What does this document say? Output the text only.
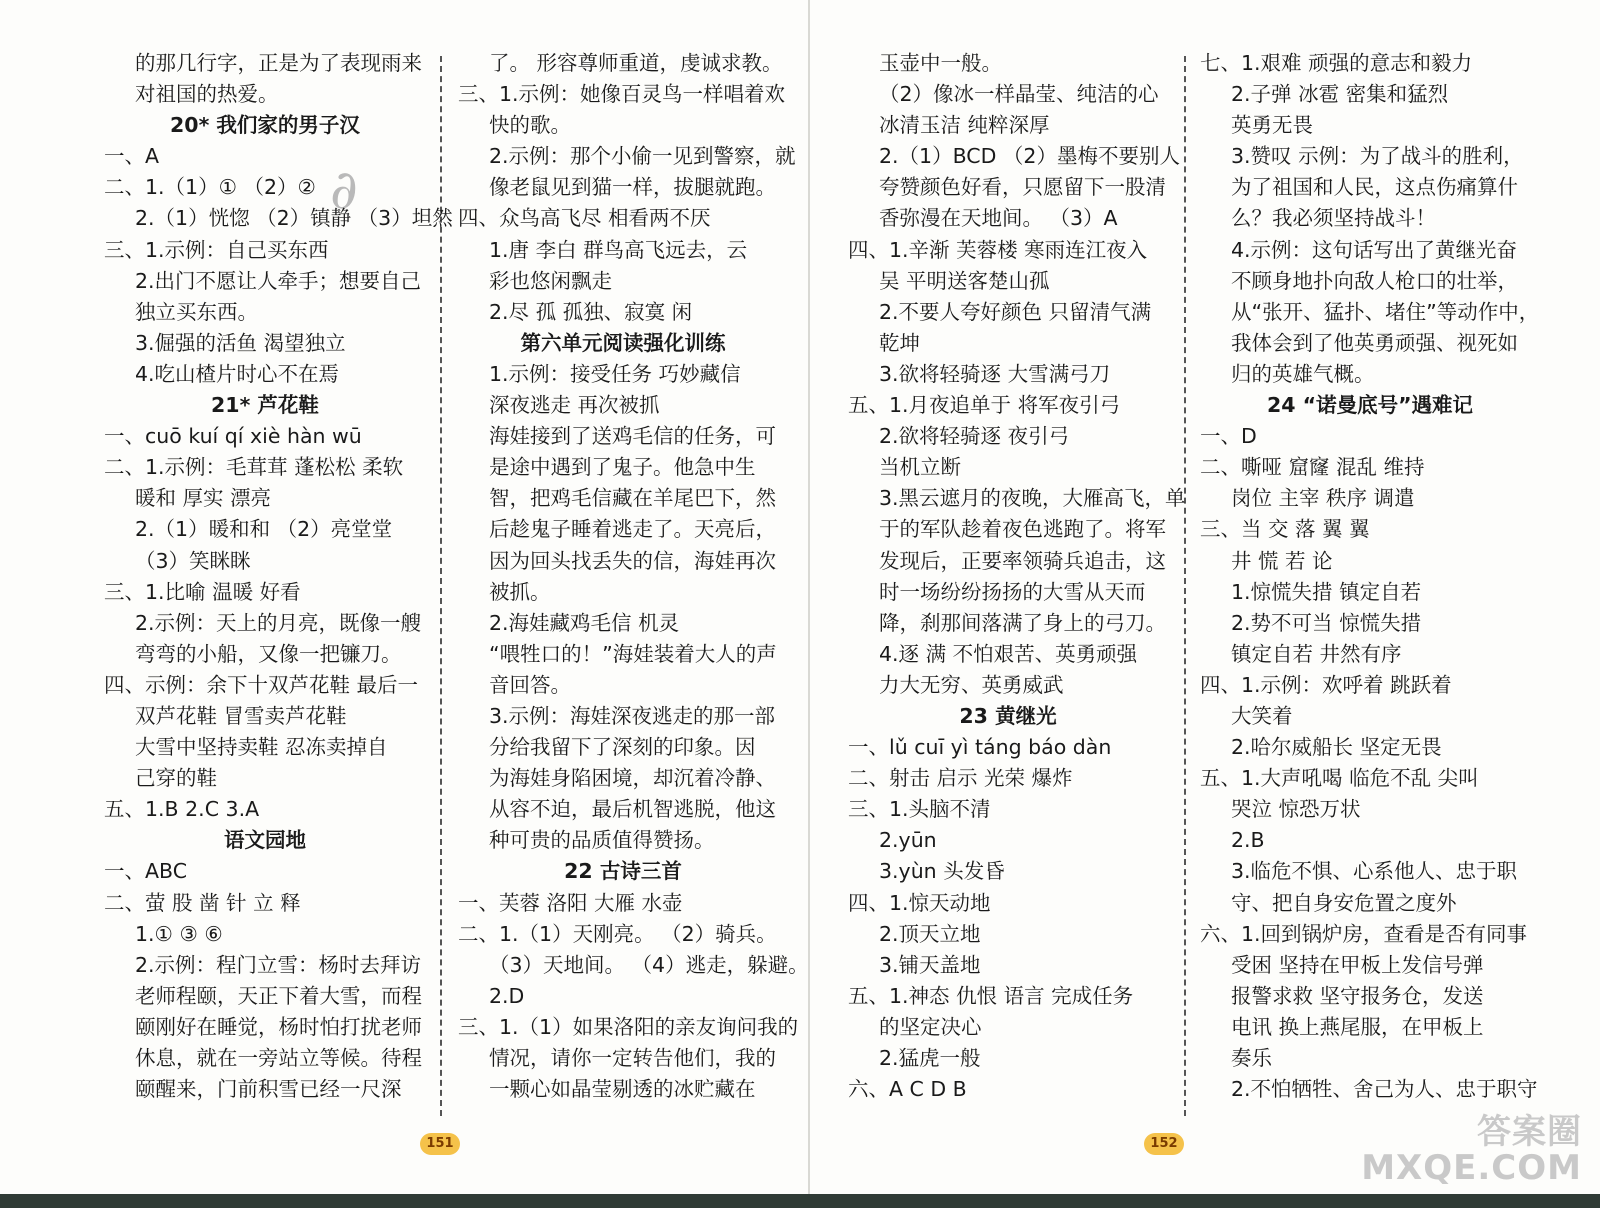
∂
的那几行字，正是为了表现雨来
对祖国的热爱。
20* 我们家的男子汉
一、A
二、1.（1）① （2）②
2.（1）恍惚 （2）镇静 （3）坦然
三、1.示例：自己买东西
2.出门不愿让人牵手；想要自己
独立买东西。
3.倔强的活鱼 渴望独立
4.吃山楂片时心不在焉
21* 芦花鞋
一、cuō kuí qí xiè hàn wū
二、1.示例：毛茸茸 蓬松松 柔软
暖和 厚实 漂亮
2.（1）暖和和 （2）亮堂堂
（3）笑眯眯
三、1.比喻 温暖 好看
2.示例：天上的月亮，既像一艘
弯弯的小船，又像一把镰刀。
四、示例：余下十双芦花鞋 最后一
双芦花鞋 冒雪卖芦花鞋
大雪中坚持卖鞋 忍冻卖掉自
己穿的鞋
五、1.B 2.C 3.A
语文园地
一、ABC
二、萤 股 凿 针 立 释
1.① ③ ⑥
2.示例：程门立雪：杨时去拜访
老师程颐，天正下着大雪，而程
颐刚好在睡觉，杨时怕打扰老师
休息，就在一旁站立等候。待程
颐醒来，门前积雪已经一尺深
了。 形容尊师重道，虔诚求教。
三、1.示例：她像百灵鸟一样唱着欢
快的歌。
2.示例：那个小偷一见到警察，就
像老鼠见到猫一样，拔腿就跑。
四、众鸟高飞尽 相看两不厌
1.唐 李白 群鸟高飞远去，云
彩也悠闲飘走
2.尽 孤 孤独、寂寞 闲
第六单元阅读强化训练
1.示例：接受任务 巧妙藏信
深夜逃走 再次被抓
海娃接到了送鸡毛信的任务，可
是途中遇到了鬼子。他急中生
智，把鸡毛信藏在羊尾巴下，然
后趁鬼子睡着逃走了。天亮后，
因为回头找丢失的信，海娃再次
被抓。
2.海娃藏鸡毛信 机灵
“喂牲口的！”海娃装着大人的声
音回答。
3.示例：海娃深夜逃走的那一部
分给我留下了深刻的印象。因
为海娃身陷困境，却沉着冷静、
从容不迫，最后机智逃脱，他这
种可贵的品质值得赞扬。
22 古诗三首
一、芙蓉 洛阳 大雁 水壶
二、1.（1）天刚亮。 （2）骑兵。
（3）天地间。 （4）逃走，躲避。
2.D
三、1.（1）如果洛阳的亲友询问我的
情况，请你一定转告他们，我的
一颗心如晶莹剔透的冰贮藏在
玉壶中一般。
（2）像冰一样晶莹、纯洁的心
冰清玉洁 纯粹深厚
2.（1）BCD （2）墨梅不要别人
夸赞颜色好看，只愿留下一股清
香弥漫在天地间。 （3）A
四、1.辛渐 芙蓉楼 寒雨连江夜入
吴 平明送客楚山孤
2.不要人夸好颜色 只留清气满
乾坤
3.欲将轻骑逐 大雪满弓刀
五、1.月夜追单于 将军夜引弓
2.欲将轻骑逐 夜引弓
当机立断
3.黑云遮月的夜晚，大雁高飞，单
于的军队趁着夜色逃跑了。将军
发现后，正要率领骑兵追击，这
时一场纷纷扬扬的大雪从天而
降，刹那间落满了身上的弓刀。
4.逐 满 不怕艰苦、英勇顽强
力大无穷、英勇威武
23 黄继光
一、lǔ cuī yì táng báo dàn
二、射击 启示 光荣 爆炸
三、1.头脑不清
2.yūn
3.yùn 头发昏
四、1.惊天动地
2.顶天立地
3.铺天盖地
五、1.神态 仇恨 语言 完成任务
的坚定决心
2.猛虎一般
六、A C D B
七、1.艰难 顽强的意志和毅力
2.子弹 冰雹 密集和猛烈
英勇无畏
3.赞叹 示例：为了战斗的胜利，
为了祖国和人民，这点伤痛算什
么？我必须坚持战斗！
4.示例：这句话写出了黄继光奋
不顾身地扑向敌人枪口的壮举，
从“张开、猛扑、堵住”等动作中，
我体会到了他英勇顽强、视死如
归的英雄气概。
24 “诺曼底号”遇难记
一、D
二、嘶哑 窟窿 混乱 维持
岗位 主宰 秩序 调遣
三、当 交 落 翼 翼
井 慌 若 论
1.惊慌失措 镇定自若
2.势不可当 惊慌失措
镇定自若 井然有序
四、1.示例：欢呼着 跳跃着
大笑着
2.哈尔威船长 坚定无畏
五、1.大声吼喝 临危不乱 尖叫
哭泣 惊恐万状
2.B
3.临危不惧、心系他人、忠于职
守、把自身安危置之度外
六、1.回到锅炉房，查看是否有同事
受困 坚持在甲板上发信号弹
报警求救 坚守报务仓，发送
电讯 换上燕尾服，在甲板上
奏乐
2.不怕牺牲、舍己为人、忠于职守
151	152	答案圈
MXQE.COM
